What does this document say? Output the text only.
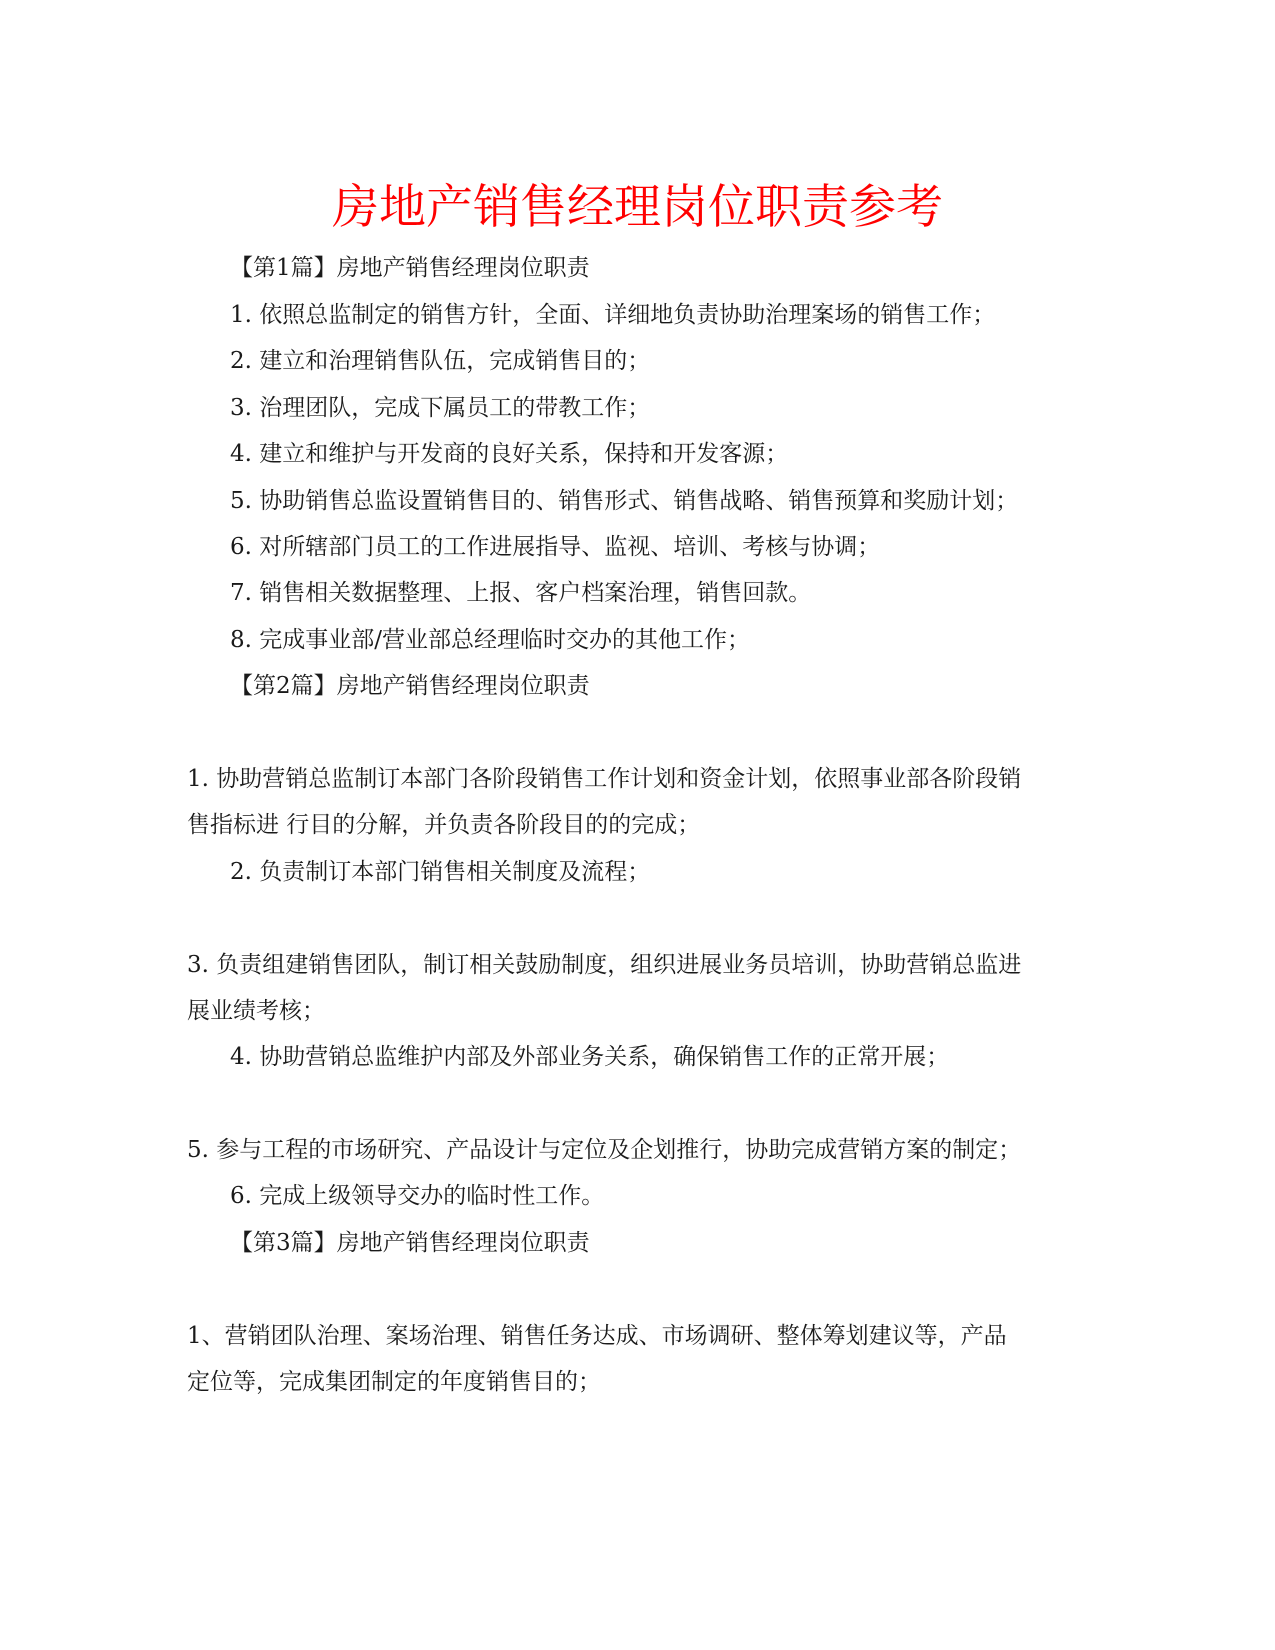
房地产销售经理岗位职责参考

【第1篇】房地产销售经理岗位职责

1. 依照总监制定的销售方针，全面、详细地负责协助治理案场的销售工作；

2. 建立和治理销售队伍，完成销售目的；

3. 治理团队，完成下属员工的带教工作；

4. 建立和维护与开发商的良好关系，保持和开发客源；

5. 协助销售总监设置销售目的、销售形式、销售战略、销售预算和奖励计划；

6. 对所辖部门员工的工作进展指导、监视、培训、考核与协调；

7. 销售相关数据整理、上报、客户档案治理，销售回款。

8. 完成事业部/营业部总经理临时交办的其他工作；

【第2篇】房地产销售经理岗位职责

1. 协助营销总监制订本部门各阶段销售工作计划和资金计划，依照事业部各阶段销

售指标进 行目的分解，并负责各阶段目的的完成；

2. 负责制订本部门销售相关制度及流程；

3. 负责组建销售团队，制订相关鼓励制度，组织进展业务员培训，协助营销总监进

展业绩考核；

4. 协助营销总监维护内部及外部业务关系，确保销售工作的正常开展；

5. 参与工程的市场研究、产品设计与定位及企划推行，协助完成营销方案的制定；

6. 完成上级领导交办的临时性工作。

【第3篇】房地产销售经理岗位职责

1、营销团队治理、案场治理、销售任务达成、市场调研、整体筹划建议等，产品

定位等，完成集团制定的年度销售目的；
